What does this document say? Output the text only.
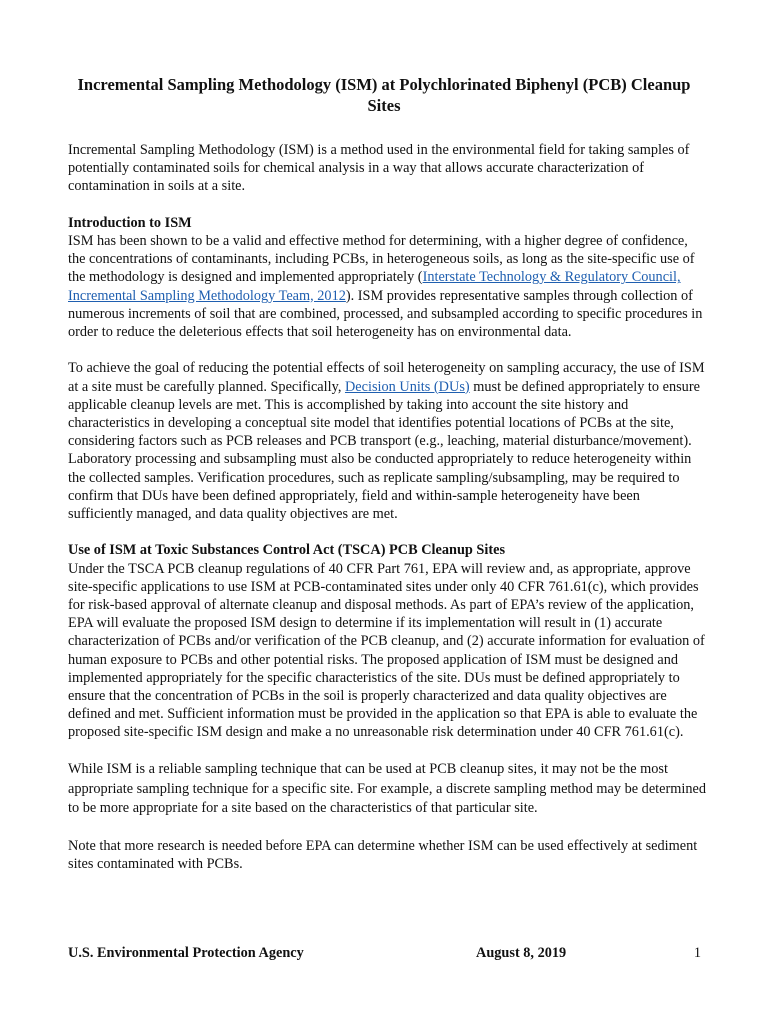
Incremental Sampling Methodology (ISM) at Polychlorinated Biphenyl (PCB) Cleanup Sites

Incremental Sampling Methodology (ISM) is a method used in the environmental field for taking samples of potentially contaminated soils for chemical analysis in a way that allows accurate characterization of contamination in soils at a site.

Introduction to ISM

ISM has been shown to be a valid and effective method for determining, with a higher degree of confidence, the concentrations of contaminants, including PCBs, in heterogeneous soils, as long as the site-specific use of the methodology is designed and implemented appropriately (Interstate Technology & Regulatory Council, Incremental Sampling Methodology Team, 2012). ISM provides representative samples through collection of numerous increments of soil that are combined, processed, and subsampled according to specific procedures in order to reduce the deleterious effects that soil heterogeneity has on environmental data.

To achieve the goal of reducing the potential effects of soil heterogeneity on sampling accuracy, the use of ISM at a site must be carefully planned. Specifically, Decision Units (DUs) must be defined appropriately to ensure applicable cleanup levels are met. This is accomplished by taking into account the site history and characteristics in developing a conceptual site model that identifies potential locations of PCBs at the site, considering factors such as PCB releases and PCB transport (e.g., leaching, material disturbance/movement). Laboratory processing and subsampling must also be conducted appropriately to reduce heterogeneity within the collected samples. Verification procedures, such as replicate sampling/subsampling, may be required to confirm that DUs have been defined appropriately, field and within-sample heterogeneity have been sufficiently managed, and data quality objectives are met.

Use of ISM at Toxic Substances Control Act (TSCA) PCB Cleanup Sites

Under the TSCA PCB cleanup regulations of 40 CFR Part 761, EPA will review and, as appropriate, approve site-specific applications to use ISM at PCB-contaminated sites under only 40 CFR 761.61(c), which provides for risk-based approval of alternate cleanup and disposal methods. As part of EPA’s review of the application, EPA will evaluate the proposed ISM design to determine if its implementation will result in (1) accurate characterization of PCBs and/or verification of the PCB cleanup, and (2) accurate information for evaluation of human exposure to PCBs and other potential risks. The proposed application of ISM must be designed and implemented appropriately for the specific characteristics of the site. DUs must be defined appropriately to ensure that the concentration of PCBs in the soil is properly characterized and data quality objectives are defined and met. Sufficient information must be provided in the application so that EPA is able to evaluate the proposed site-specific ISM design and make a no unreasonable risk determination under 40 CFR 761.61(c).

While ISM is a reliable sampling technique that can be used at PCB cleanup sites, it may not be the most appropriate sampling technique for a specific site. For example, a discrete sampling method may be determined to be more appropriate for a site based on the characteristics of that particular site.

Note that more research is needed before EPA can determine whether ISM can be used effectively at sediment sites contaminated with PCBs.

U.S. Environmental Protection Agency	August 8, 2019	1
